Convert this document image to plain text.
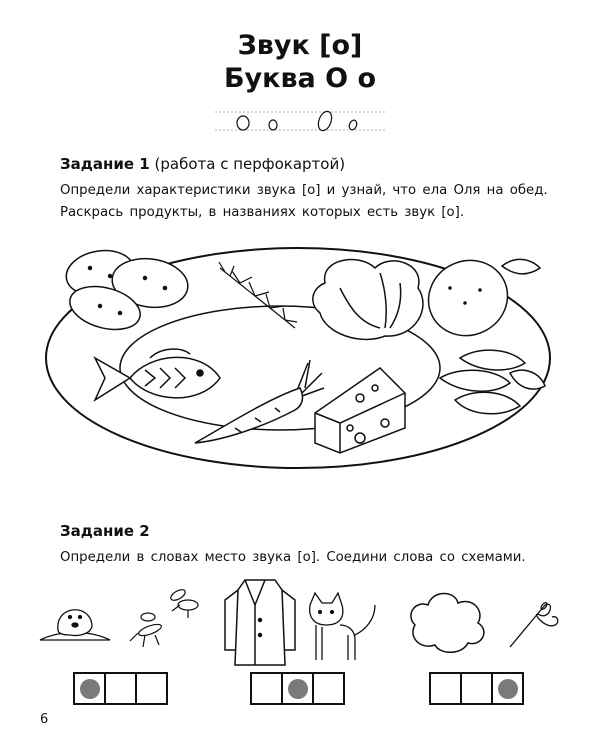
Звук [о]
Буква О о
Задание 1 (работа с перфокартой)
Определи характеристики звука [о] и узнай, что ела Оля на обед. Раскрась продукты, в названиях которых есть звук [о].
Задание 2
Определи в словах место звука [о]. Соедини слова со схемами.
6
